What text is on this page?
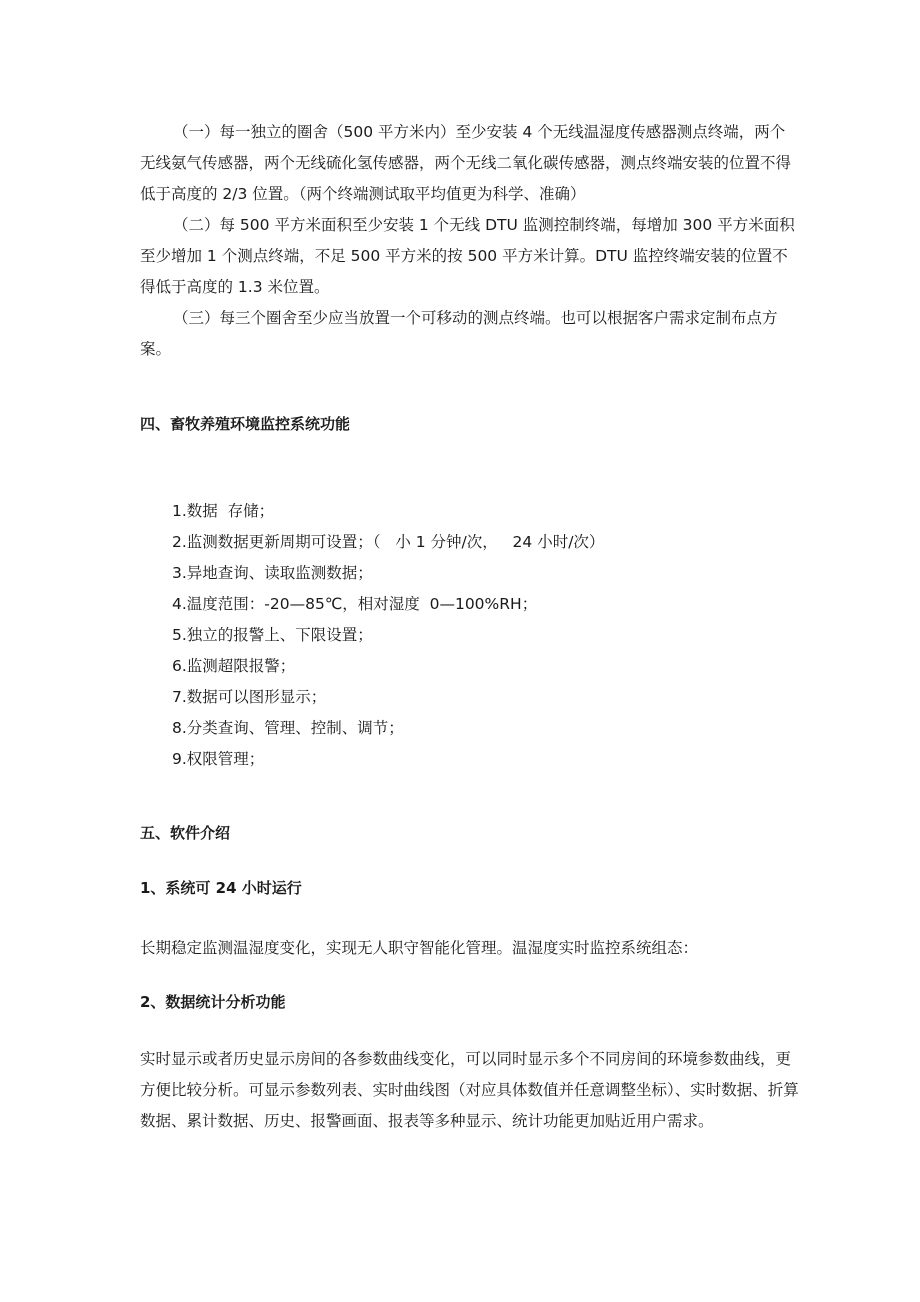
（一）每一独立的圈舍（500 平方米内）至少安装 4 个无线温湿度传感器测点终端，两个无线氨气传感器，两个无线硫化氢传感器，两个无线二氧化碳传感器，测点终端安装的位置不得低于高度的 2/3 位置。（两个终端测试取平均值更为科学、准确）

（二）每 500 平方米面积至少安装 1 个无线 DTU 监测控制终端，每增加 300 平方米面积至少增加 1 个测点终端，不足 500 平方米的按 500 平方米计算。DTU 监控终端安装的位置不得低于高度的 1.3 米位置。

（三）每三个圈舍至少应当放置一个可移动的测点终端。也可以根据客户需求定制布点方案。

四、畜牧养殖环境监控系统功能
1.数据  存储；
2.监测数据更新周期可设置；（   小 1 分钟/次，   24 小时/次）
3.异地查询、读取监测数据；
4.温度范围：-20—85℃，相对湿度  0—100%RH；
5.独立的报警上、下限设置；
6.监测超限报警；
7.数据可以图形显示；
8.分类查询、管理、控制、调节；
9.权限管理；
五、软件介绍
1、系统可 24 小时运行

长期稳定监测温湿度变化，实现无人职守智能化管理。温湿度实时监控系统组态：

2、数据统计分析功能

实时显示或者历史显示房间的各参数曲线变化，可以同时显示多个不同房间的环境参数曲线，更方便比较分析。可显示参数列表、实时曲线图（对应具体数值并任意调整坐标）、实时数据、折算数据、累计数据、历史、报警画面、报表等多种显示、统计功能更加贴近用户需求。
